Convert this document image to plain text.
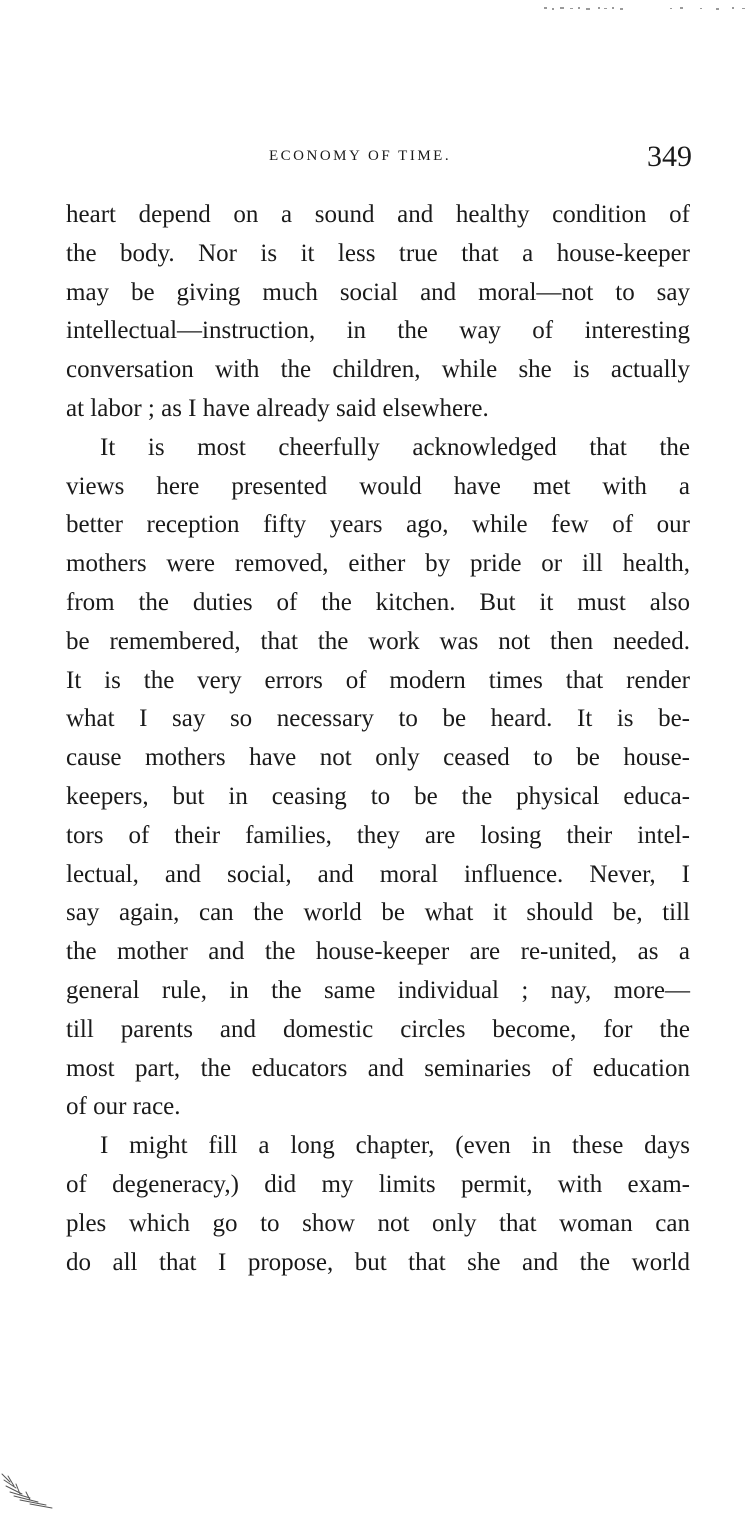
ECONOMY OF TIME.	349
heart depend on a sound and healthy condition of
the body. Nor is it less true that a house-keeper
may be giving much social and moral—not to say
intellectual—instruction, in the way of interesting
conversation with the children, while she is actually
at labor ; as I have already said elsewhere.
It is most cheerfully acknowledged that the
views here presented would have met with a
better reception fifty years ago, while few of our
mothers were removed, either by pride or ill health,
from the duties of the kitchen. But it must also
be remembered, that the work was not then needed.
It is the very errors of modern times that render
what I say so necessary to be heard. It is be-
cause mothers have not only ceased to be house-
keepers, but in ceasing to be the physical educa-
tors of their families, they are losing their intel-
lectual, and social, and moral influence. Never, I
say again, can the world be what it should be, till
the mother and the house-keeper are re-united, as a
general rule, in the same individual ; nay, more—
till parents and domestic circles become, for the
most part, the educators and seminaries of education
of our race.
I might fill a long chapter, (even in these days
of degeneracy,) did my limits permit, with exam-
ples which go to show not only that woman can
do all that I propose, but that she and the world
